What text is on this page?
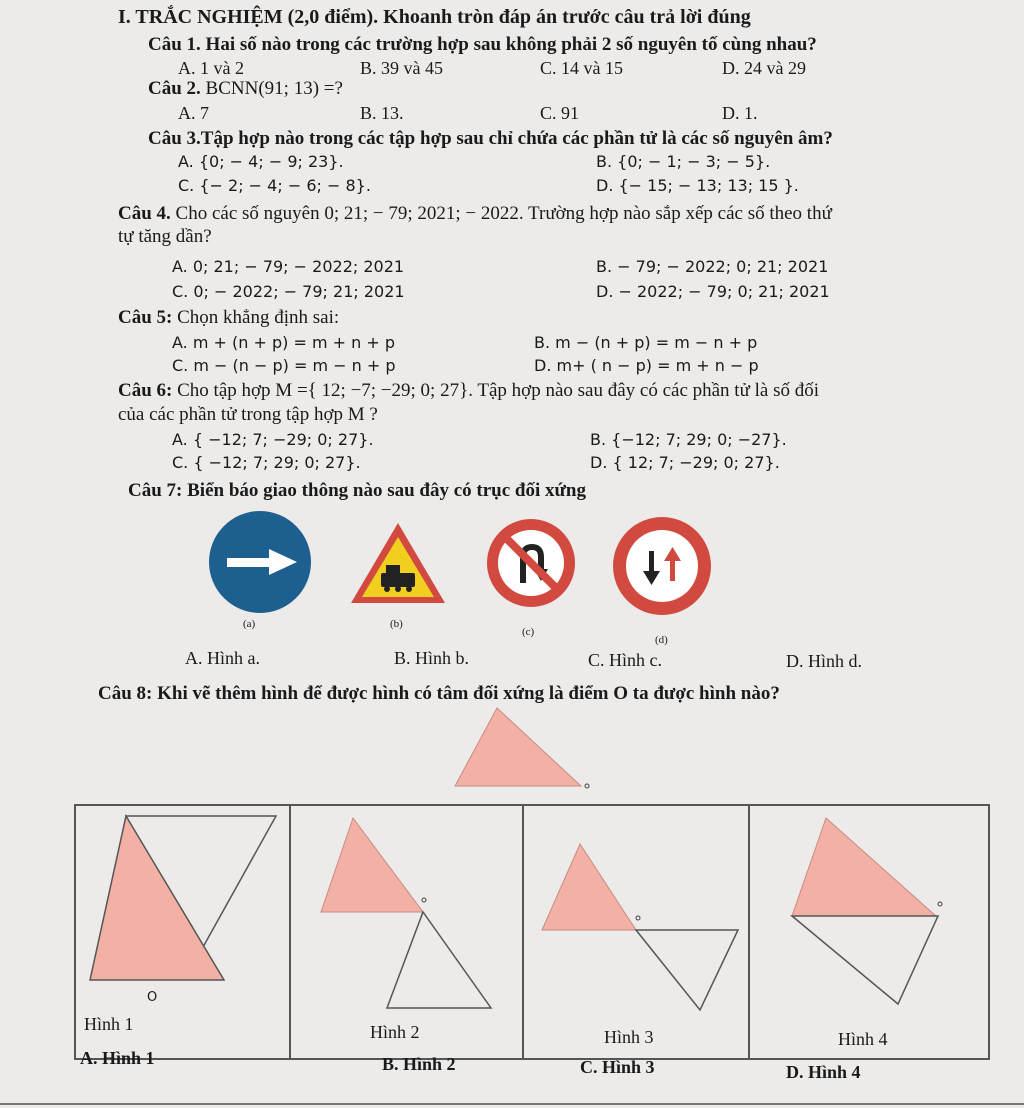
I. TRẮC NGHIỆM (2,0 điểm). Khoanh tròn đáp án trước câu trả lời đúng
Câu 1. Hai số nào trong các trường hợp sau không phải 2 số nguyên tố cùng nhau?
A. 1 và 2	B. 39 và 45	C. 14 và 15	D. 24 và 29
Câu 2. BCNN(91; 13) =?
A. 7	B. 13.	C. 91	D. 1.
Câu 3.Tập hợp nào trong các tập hợp sau chỉ chứa các phần tử là các số nguyên âm?
A. {0; − 4; − 9; 23}.	B. {0; − 1; − 3; − 5}.
C. {− 2; − 4; − 6; − 8}.	D. {− 15; − 13; 13; 15 }.
Câu 4. Cho các số nguyên 0; 21; − 79; 2021; − 2022. Trường hợp nào sắp xếp các số theo thứ
tự tăng dần?
A. 0; 21; − 79; − 2022; 2021	B. − 79; − 2022; 0; 21; 2021
C. 0; − 2022; − 79; 21; 2021	D. − 2022; − 79; 0; 21; 2021
Câu 5: Chọn khẳng định sai:
A. m + (n + p) = m + n + p	B. m − (n + p) = m − n + p
C. m − (n − p) = m − n + p	D. m+ ( n − p) = m + n − p
Câu 6: Cho tập hợp M ={ 12; −7; −29; 0; 27}. Tập hợp nào sau đây có các phần tử là số đối
của các phần tử trong tập hợp M ?
A. { −12; 7; −29; 0; 27}.	B. {−12; 7; 29; 0; −27}.
C. { −12; 7; 29; 0; 27}.	D. { 12; 7; −29; 0; 27}.
Câu 7: Biển báo giao thông nào sau đây có trục đối xứng
(a)	(b)
(c)
(d)
A. Hình a.	B. Hình b.	C. Hình c.	D. Hình d.
Câu 8: Khi vẽ thêm hình để được hình có tâm đối xứng là điểm O ta được hình nào?
O
Hình 1	Hình 2	Hình 3	Hình 4
A. Hình 1	B. Hình 2	C. Hình 3	D. Hình 4
